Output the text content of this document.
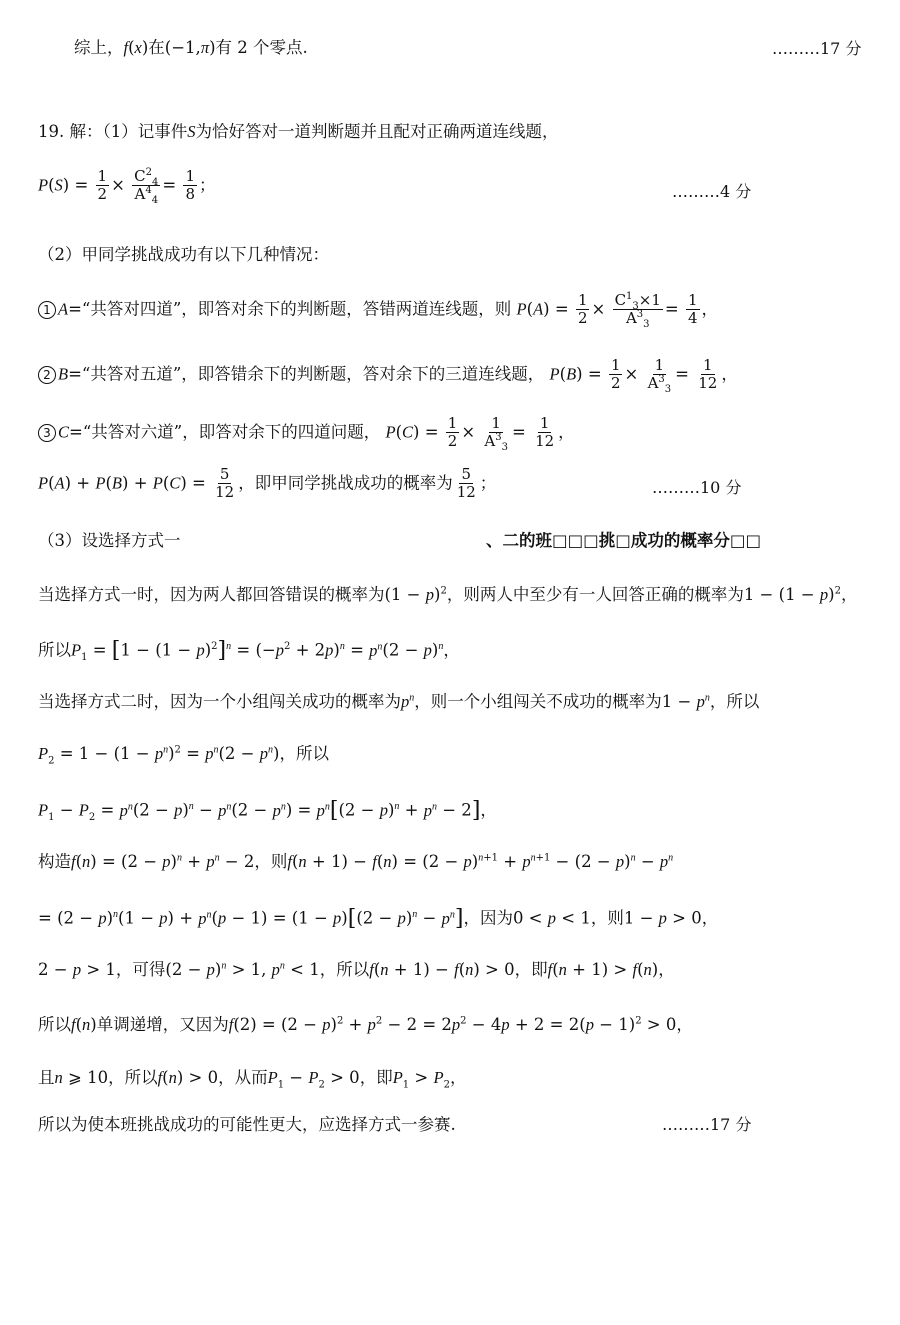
综上，f(x)在(−1,π)有 2 个零点.	………17 分
19. 解：（1）记事件S为恰好答对一道判断题并且配对正确两道连线题，
$P(S) = \frac{1}{2} \times \frac{C^2_4}{A^4_4} = \frac{1}{8}$ ；	………4 分
（2）甲同学挑战成功有以下几种情况：
1 A=“共答对四道”，即答对余下的判断题，答错两道连线题，则 $P(A) = \frac{1}{2} \times \frac{C^1_3\times 1}{A^3_3} = \frac{1}{4}$ ，
2 B=“共答对五道”，即答错余下的判断题，答对余下的三道连线题， $P(B) = \frac{1}{2} \times \frac{1}{A^3_3} = \frac{1}{12}$ ，
3 C=“共答对六道”，即答对余下的四道问题， $P(C) = \frac{1}{2} \times \frac{1}{A^3_3} = \frac{1}{12}$ ，
$P(A) + P(B) + P(C) = \frac{5}{12}$ ，即甲同学挑战成功的概率为 $\frac{5}{12}$ ；	………10 分
（3）设选择方式一	、二的班□□□挑□成功的概率分□□
当选择方式一时，因为两人都回答错误的概率为$(1 - p)^2$，则两人中至少有一人回答正确的概率为$1 - (1 - p)^2$，
所以$P_1 = [1 - (1 - p)^2]^n = (-p^2 + 2p)^n = p^n(2 - p)^n$，
当选择方式二时，因为一个小组闯关成功的概率为$p^n$，则一个小组闯关不成功的概率为$1 - p^n$，所以
$P_2 = 1 - (1 - p^n)^2 = p^n(2 - p^n)$，所以
$P_1 - P_2 = p^n(2 - p)^n - p^n(2 - p^n) = p^n[(2 - p)^n + p^n - 2]$，
构造$f(n) = (2 - p)^n + p^n - 2$，则$f(n + 1) - f(n) = (2 - p)^{n+1} + p^{n+1} - (2 - p)^n - p^n$
= $(2 - p)^n(1 - p) + p^n(p - 1) = (1 - p)[(2 - p)^n - p^n]$，因为0 < p < 1，则1 − p > 0，
2 − p > 1，可得$(2 - p)^n > 1$, $p^n < 1$，所以f(n + 1) − f(n) > 0，即f(n + 1) > f(n)，
所以f(n)单调递增，又因为$f(2) = (2 - p)^2 + p^2 - 2 = 2p^2 - 4p + 2 = 2(p - 1)^2 > 0$，
且n ⩾ 10，所以f(n) > 0，从而$P_1 - P_2 > 0$，即$P_1 > P_2$，
所以为使本班挑战成功的可能性更大，应选择方式一参赛.	………17 分
